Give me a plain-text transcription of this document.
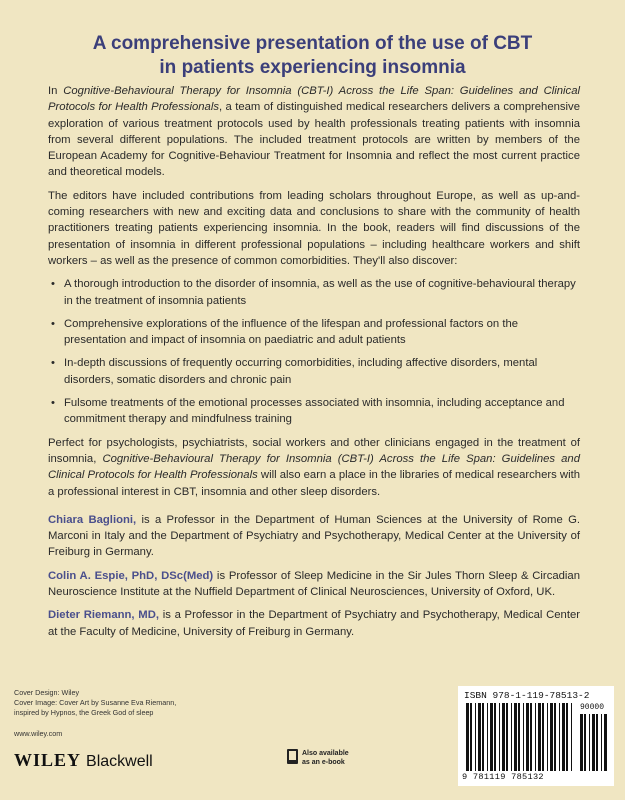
A comprehensive presentation of the use of CBT
in patients experiencing insomnia

In Cognitive-Behavioural Therapy for Insomnia (CBT-I) Across the Life Span: Guidelines and Clinical Protocols for Health Professionals, a team of distinguished medical researchers delivers a comprehensive exploration of various treatment protocols used by health professionals treating patients with insomnia from several different populations. The included treatment protocols are written by members of the European Academy for Cognitive-Behaviour Treatment for Insomnia and reflect the most current practice and theoretical models.

The editors have included contributions from leading scholars throughout Europe, as well as up-and-coming researchers with new and exciting data and conclusions to share with the community of health practitioners treating patients experiencing insomnia. In the book, readers will find discussions of the presentation of insomnia in different professional populations – including healthcare workers and shift workers – as well as the presence of common comorbidities. They'll also discover:

• A thorough introduction to the disorder of insomnia, as well as the use of cognitive-behavioural therapy in the treatment of insomnia patients
• Comprehensive explorations of the influence of the lifespan and professional factors on the presentation and impact of insomnia on paediatric and adult patients
• In-depth discussions of frequently occurring comorbidities, including affective disorders, mental disorders, somatic disorders and chronic pain
• Fulsome treatments of the emotional processes associated with insomnia, including acceptance and commitment therapy and mindfulness training

Perfect for psychologists, psychiatrists, social workers and other clinicians engaged in the treatment of insomnia, Cognitive-Behavioural Therapy for Insomnia (CBT-I) Across the Life Span: Guidelines and Clinical Protocols for Health Professionals will also earn a place in the libraries of medical researchers with a professional interest in CBT, insomnia and other sleep disorders.

Chiara Baglioni, is a Professor in the Department of Human Sciences at the University of Rome G. Marconi in Italy and the Department of Psychiatry and Psychotherapy, Medical Center at the University of Freiburg in Germany.

Colin A. Espie, PhD, DSc(Med) is Professor of Sleep Medicine in the Sir Jules Thorn Sleep & Circadian Neuroscience Institute at the Nuffield Department of Clinical Neurosciences, University of Oxford, UK.

Dieter Riemann, MD, is a Professor in the Department of Psychiatry and Psychotherapy, Medical Center at the Faculty of Medicine, University of Freiburg in Germany.

Cover Design: Wiley
Cover Image: Cover Art by Susanne Eva Riemann,
inspired by Hypnos, the Greek God of sleep
www.wiley.com
WILEY Blackwell	Also available
as an e-book
ISBN 978-1-119-78513-2
90000
9 781119 785132
